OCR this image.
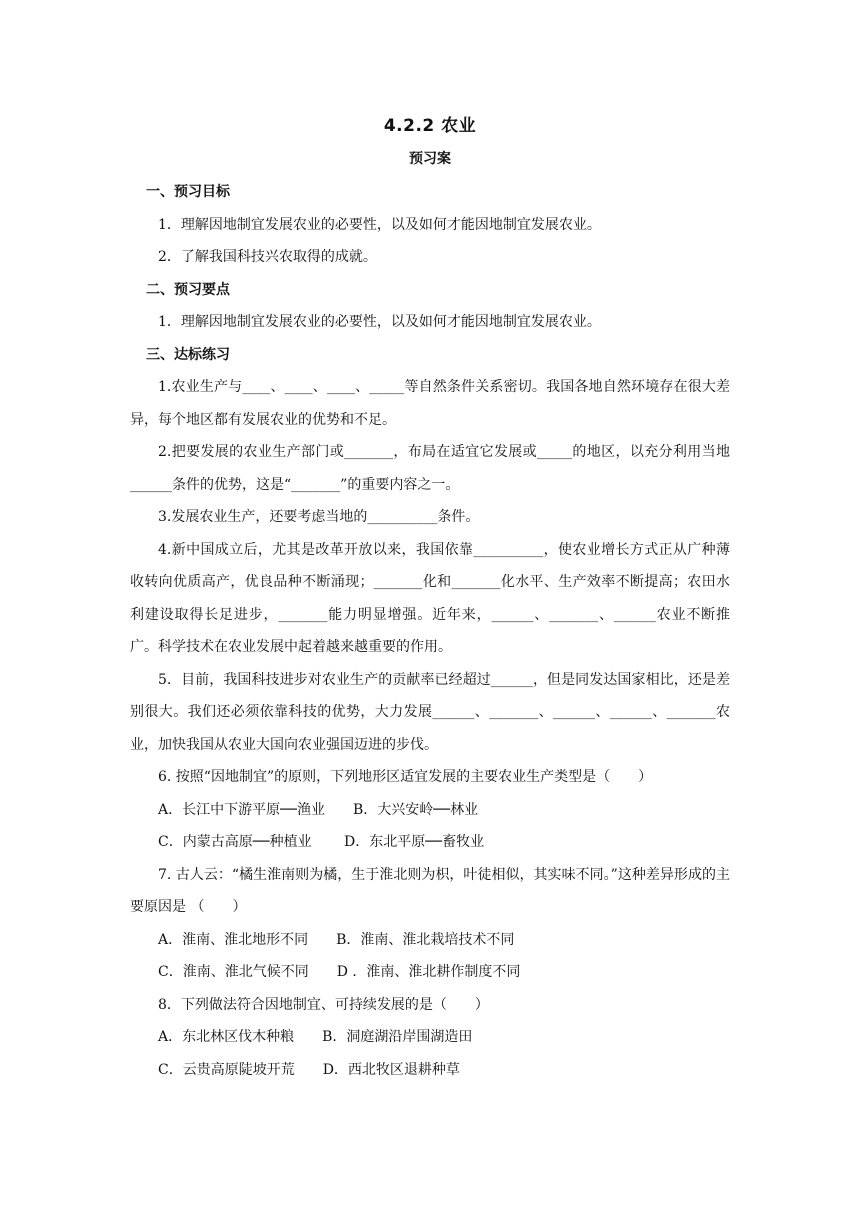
4.2.2 农业
预习案

一、预习目标

1．理解因地制宜发展农业的必要性，以及如何才能因地制宜发展农业。

2．了解我国科技兴农取得的成就。

二、预习要点

1．理解因地制宜发展农业的必要性，以及如何才能因地制宜发展农业。

三、达标练习

1.农业生产与____、____、____、_____等自然条件关系密切。我国各地自然环境存在很大差异，每个地区都有发展农业的优势和不足。

2.把要发展的农业生产部门或_______，布局在适宜它发展或_____的地区，以充分利用当地______条件的优势，这是“_______”的重要内容之一。

3.发展农业生产，还要考虑当地的__________条件。

4.新中国成立后，尤其是改革开放以来，我国依靠__________，使农业增长方式正从广种薄收转向优质高产，优良品种不断涌现；_______化和_______化水平、生产效率不断提高；农田水利建设取得长足进步，_______能力明显增强。近年来，______、_______、______农业不断推广。科学技术在农业发展中起着越来越重要的作用。

5．目前，我国科技进步对农业生产的贡献率已经超过______，但是同发达国家相比，还是差别很大。我们还必须依靠科技的优势，大力发展______、_______、______、______、_______农业，加快我国从农业大国向农业强国迈进的步伐。

6. 按照“因地制宜”的原则，下列地形区适宜发展的主要农业生产类型是（　　）

A．长江中下游平原──渔业　　B．大兴安岭──林业

C．内蒙古高原──种植业　　 D．东北平原──畜牧业

7. 古人云：“橘生淮南则为橘，生于淮北则为枳，叶徒相似，其实味不同。”这种差异形成的主要原因是 （　　）

A．淮南、淮北地形不同　　B．淮南、淮北栽培技术不同

C．淮南、淮北气候不同　　D ．淮南、淮北耕作制度不同

8．下列做法符合因地制宜、可持续发展的是（　　）

A．东北林区伐木种粮　　B．洞庭湖沿岸围湖造田

C．云贵高原陡坡开荒　　D．西北牧区退耕种草
